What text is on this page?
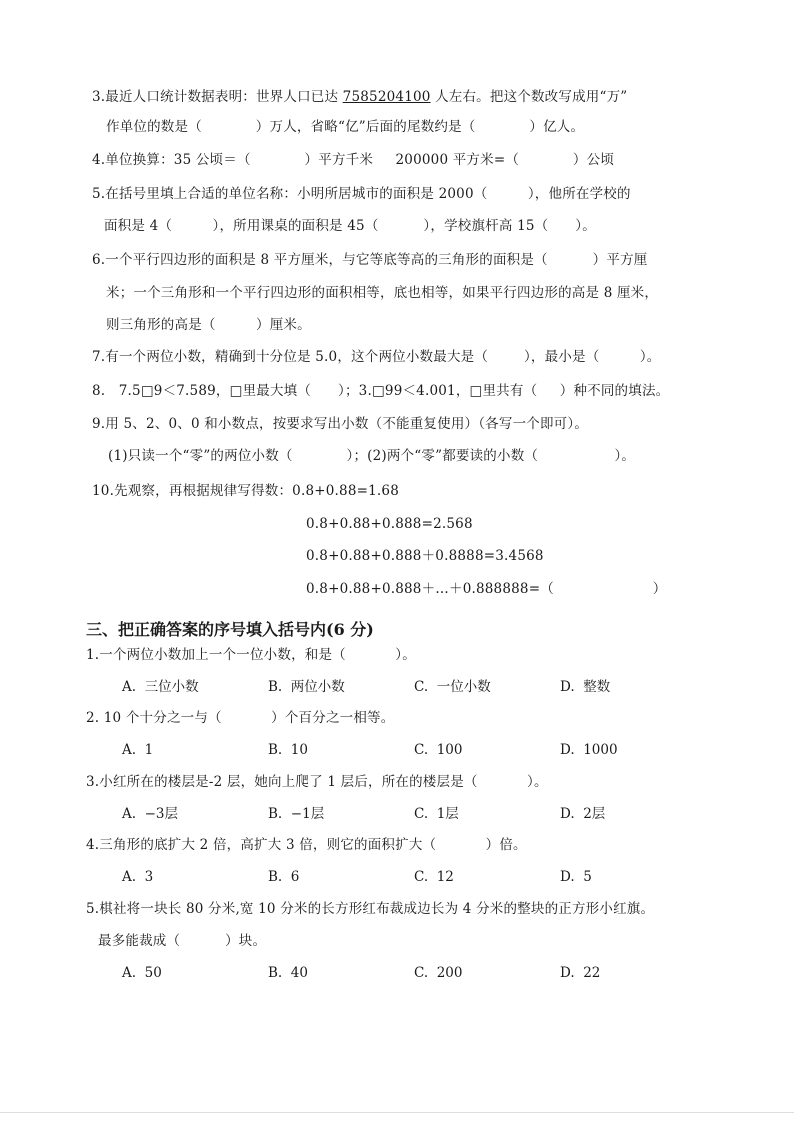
3.最近人口统计数据表明：世界人口已达 7585204100 人左右。把这个数改写成用“万”
作单位的数是（            ）万人，省略“亿”后面的尾数约是（            ）亿人。
4.单位换算：35 公顷＝（            ）平方千米     200000 平方米=（            ）公顷
5.在括号里填上合适的单位名称：小明所居城市的面积是 2000（         ），他所在学校的
面积是 4（         ），所用课桌的面积是 45（          ），学校旗杆高 15（      ）。
6.一个平行四边形的面积是 8 平方厘米，与它等底等高的三角形的面积是（          ）平方厘
米；一个三角形和一个平行四边形的面积相等，底也相等，如果平行四边形的高是 8 厘米，
则三角形的高是（         ）厘米。
7.有一个两位小数，精确到十分位是 5.0，这个两位小数最大是（        ），最小是（         ）。
8.   7.5□9＜7.589，□里最大填（      ）；3.□99＜4.001，□里共有（     ）种不同的填法。
9.用 5、2、0、0 和小数点，按要求写出小数（不能重复使用）（各写一个即可）。
(1)只读一个“零”的两位小数（            ）；(2)两个“零”都要读的小数（                 ）。
10.先观察，再根据规律写得数：0.8+0.88=1.68
0.8+0.88+0.888=2.568
0.8+0.88+0.888＋0.8888=3.4568
0.8+0.88+0.888＋…＋0.888888=（                      ）
三、把正确答案的序号填入括号内(6 分)
1.一个两位小数加上一个一位小数，和是（           ）。
A.  三位小数	B.  两位小数	C.  一位小数	D.  整数
2. 10 个十分之一与（           ）个百分之一相等。
A.  1	B.  10	C.  100	D.  1000
3.小红所在的楼层是-2 层，她向上爬了 1 层后，所在的楼层是（           ）。
A.  −3层	B.  −1层	C.  1层	D.  2层
4.三角形的底扩大 2 倍，高扩大 3 倍，则它的面积扩大（           ）倍。
A.  3	B.  6	C.  12	D.  5
5.棋社将一块长 80 分米,宽 10 分米的长方形红布裁成边长为 4 分米的整块的正方形小红旗。
最多能裁成（          ）块。
A.  50	B.  40	C.  200	D.  22
